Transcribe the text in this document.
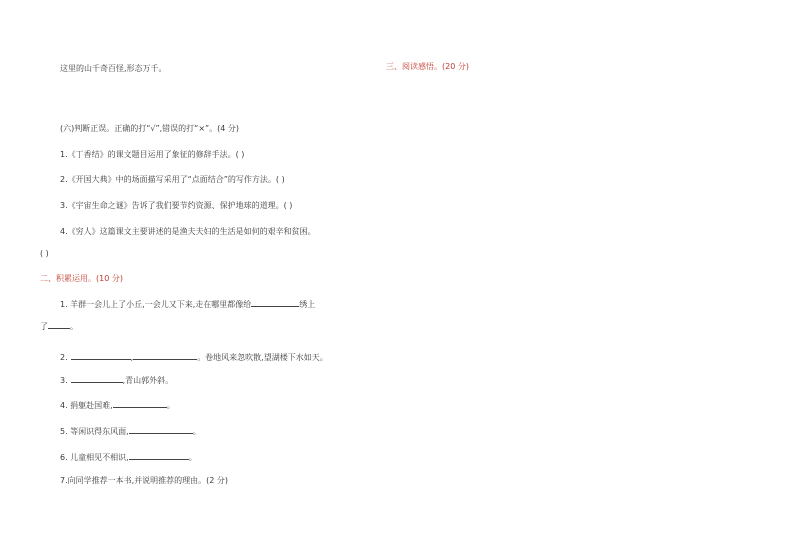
这里的山千奇百怪,形态万千。
(六)判断正误。正确的打“√”,错误的打“×”。(4 分)
1.《丁香结》的课文题目运用了象征的修辞手法。( )
2.《开国大典》中的场面描写采用了“点面结合”的写作方法。( )
3.《宇宙生命之谜》告诉了我们要节约资源、保护地球的道理。( )
4.《穷人》这篇课文主要讲述的是渔夫夫妇的生活是如何的艰辛和贫困。
( )
二、积累运用。(10 分)
1. 羊群一会儿上了小丘,一会儿又下来,走在哪里都像给	绣上
了	。
2.	,	。卷地风来忽吹散,望湖楼下水如天。
3.	,青山郭外斜。
4. 捐躯赴国难,	。
5. 等闲识得东风面,	。
6. 儿童相见不相识,	。
7.向同学推荐一本书,并说明推荐的理由。(2 分)
三、阅读感悟。(20 分)
